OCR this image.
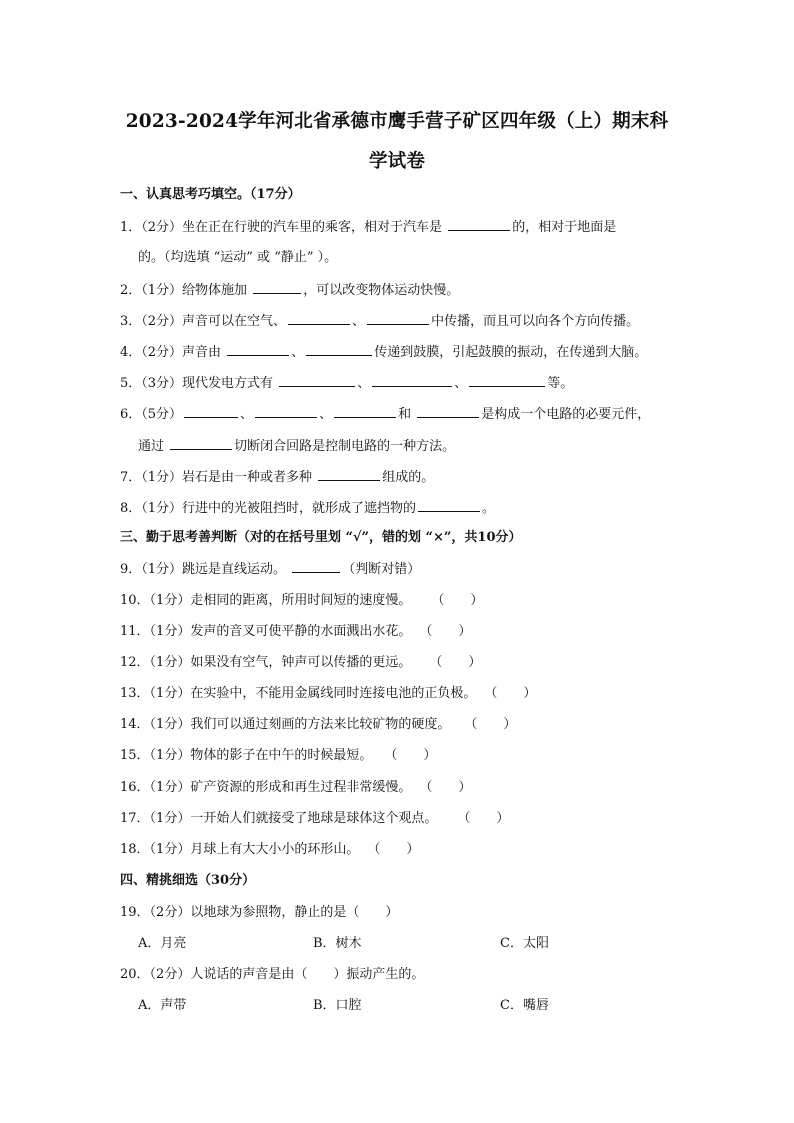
2023-2024学年河北省承德市鹰手营子矿区四年级（上）期末科
学试卷
一、认真思考巧填空。（17分）
1．（2分）坐在正在行驶的汽车里的乘客，相对于汽车是	的，相对于地面是
的。（均选填 “运动” 或 “静止” ）。
2．（1分）给物体施加	，可以改变物体运动快慢。
3．（2分）声音可以在空气、	、	中传播，而且可以向各个方向传播。
4．（2分）声音由	、	传递到鼓膜，引起鼓膜的振动，在传递到大脑。
5．（3分）现代发电方式有	、	、	等。
6．（5分）	、	、	和	是构成一个电路的必要元件，
通过	切断闭合回路是控制电路的一种方法。
7．（1分）岩石是由一种或者多种	组成的。
8．（1分）行进中的光被阻挡时，就形成了遮挡物的	。
三、勤于思考善判断（对的在括号里划 “√”，错的划 “×”，共10分）
9．（1分）跳远是直线运动。	（判断对错）
10．（1分）走相同的距离，所用时间短的速度慢。 （　　）
11．（1分）发声的音叉可使平静的水面溅出水花。 （　　）
12．（1分）如果没有空气，钟声可以传播的更远。 （　　）
13．（1分）在实验中，不能用金属线同时连接电池的正负极。 （　　）
14．（1分）我们可以通过刻画的方法来比较矿物的硬度。 （　　）
15．（1分）物体的影子在中午的时候最短。 （　　）
16．（1分）矿产资源的形成和再生过程非常缓慢。 （　　）
17．（1分）一开始人们就接受了地球是球体这个观点。 （　　）
18．（1分）月球上有大大小小的环形山。 （　　）
四、精挑细选（30分）
19．（2分）以地球为参照物，静止的是（　　）
A．月亮	B．树木	C．太阳
20．（2分）人说话的声音是由（　　）振动产生的。
A．声带	B．口腔	C．嘴唇
